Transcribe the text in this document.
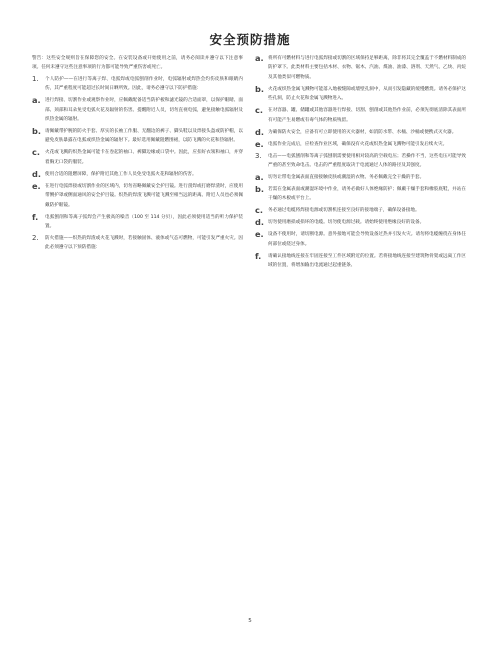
安全预防措施

警告：这些安全规则旨在保障您的安全。在安装设备或开始使用之前，请务必阅读并遵守以下注意事项。任何未遵守这些注意事项的行为都可能导致严重伤害或死亡。

1.	个人防护——在进行等离子焊、电弧焊或电弧刨削作业时，电弧辐射或焊热会灼伤皮肤和眼睛内伤，其严重程度可能超过长时间日晒所致。因此，请务必遵守以下防护措施：
a. 进行焊接、切割作业或观察作业时，应佩戴配备适当防护板和滤光镜的合适面罩，以保护眼睛、面部、颈部和耳朵免受电弧火花及辐射的伤害。提醒附近人员，切勿直视电弧，避免接触电弧辐射及炽热金属的辐射。
b. 请佩戴带护腕的防火手套、厚实的长袖工作服、无翻边的裤子、脚头鞋以及焊接头盔或防护帽，以避免皮肤暴露在电弧或炽热金属的辐射下。最好选用佩戴阻燃围裙，以防飞溅的火花和热辐射。
c.	火花或飞溅的炽热金属可能卡在卷起的袖口、裤脚边缘或口袋中。因此，应扣好衣领和袖口，并穿着胸无口袋的服装。
d. 使用合适的阻燃屏障，保护附近其他工作人员免受电弧火花和辐射的伤害。
e. 在进行电弧焊接或切割作业的区域内，切勿省略佩戴安全护目镜。进行剖焊或打磨焊渣时，应使用带侧护罩或侧面通风的安全护目镜。炽热的焊渣飞溅可能飞溅至相当远的距离。附近人员也必须佩戴防护眼镜。
f.	电弧刨削和等离子弧焊会产生极高的噪音（100 至 114 分贝），因此必须使用适当的听力保护装置。
2.	防火措施——炽热的焊渣或火花飞溅时，若接触固体、液体或气态可燃物，可能引发严重火灾。因此必须遵守以下预防措施：
a. 将所有可燃材料与进行电弧焊接或切割的区域保持足够距离，除非将其完全覆盖于不燃材料制成的防护罩下。此类材料主要包括木材、衣物、锯木、汽油、煤油、油漆、溶剂、天然气、乙炔、丙烷及其他类似可燃物质。
b. 火花或炽热金属飞溅物可能落入地板缝隙或墙壁孔洞中，从而引发隐藏的缓慢燃烧。请务必保护这些孔洞，防止火花和金属飞溅物进入。
c.	在对容器、罐、储罐或其他容器进行焊接、切割、刨削或其他热作业前，必须先彻底清除其表面所有可能产生易燃或有毒气体的物质残留。
d. 为确保防火安全，应备有可立即使用的灭火器材，如消防水带、水桶、沙桶或便携式灭火器。
e. 电弧作业完成后，应检查作业区域，确保没有火花或炽热金属飞溅物可能引发后续火灾。
3.	电击——电弧刨削和等离子弧刨削需要使用相对较高的空载电压；若操作不当，这些电压可能导致严重的甚至致命电击。电击的严重程度取决于电流通过人体的路径及其强度。
a. 切勿让带电金属表面直接接触皮肤或潮湿的衣物。务必佩戴完全干燥的手套。
b. 若需在金属表面或潮湿环境中作业，请务必做好人体绝缘防护；佩戴干燥手套和橡胶底鞋，并站在干燥的木板或平台上。
c.	务必通过电缆将焊接电源或切割机连接至良好的接地端子，确保设备接地。
d. 切勿使用磨损或损坏的电缆。切勿使电源过载。请始终使用绝缘良好的设备。
e. 设备不使用时，请切断电源。意外接地可能会导致设备过热并引发火灾。请勿将电缆缠绕在身体任何部位或绕过身体。
f.	请确认接地线连接在牢固连接至工件区域附近的位置。若将接地线连接至建筑物骨架或远离工作区域的位置，将增加输出电流通过起重链条、
5
